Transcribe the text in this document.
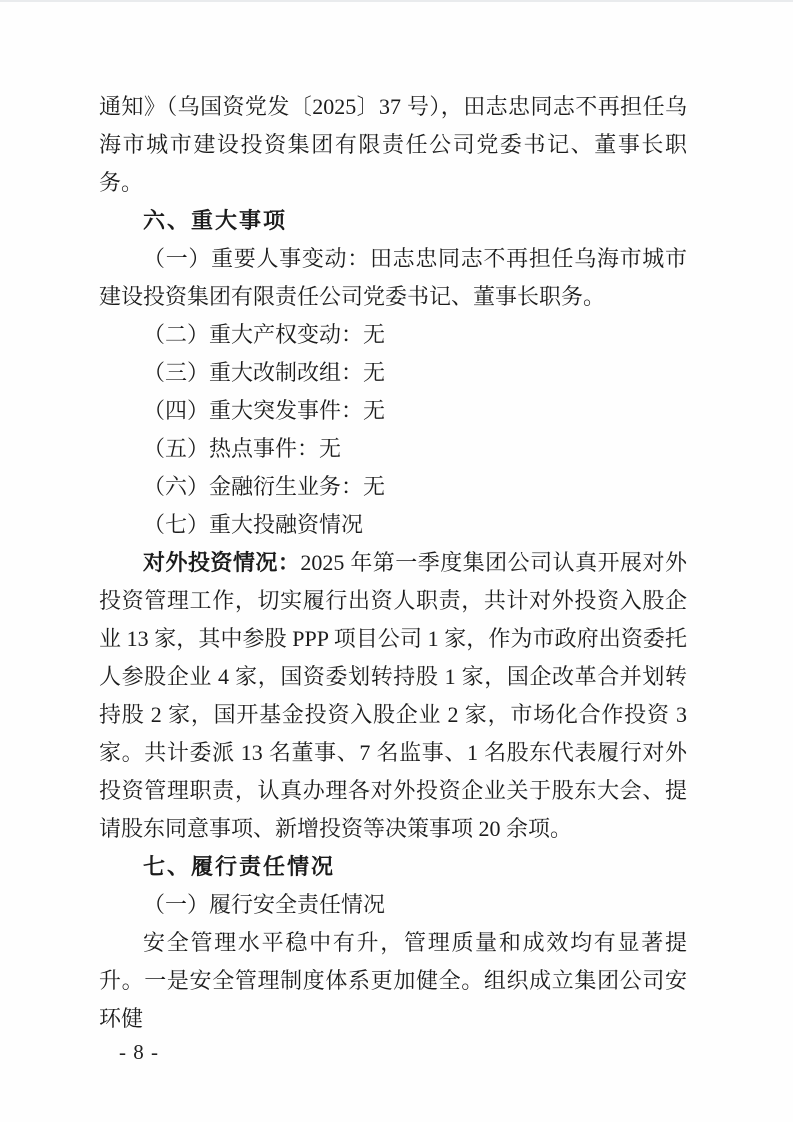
通知》（乌国资党发〔2025〕37 号），田志忠同志不再担任乌海市城市建设投资集团有限责任公司党委书记、董事长职务。

六、重大事项

（一）重要人事变动：田志忠同志不再担任乌海市城市建设投资集团有限责任公司党委书记、董事长职务。

（二）重大产权变动：无

（三）重大改制改组：无

（四）重大突发事件：无

（五）热点事件：无

（六）金融衍生业务：无

（七）重大投融资情况

对外投资情况：2025 年第一季度集团公司认真开展对外投资管理工作，切实履行出资人职责，共计对外投资入股企业 13 家，其中参股 PPP 项目公司 1 家，作为市政府出资委托人参股企业 4 家，国资委划转持股 1 家，国企改革合并划转持股 2 家，国开基金投资入股企业 2 家，市场化合作投资 3 家。共计委派 13 名董事、7 名监事、1 名股东代表履行对外投资管理职责，认真办理各对外投资企业关于股东大会、提请股东同意事项、新增投资等决策事项 20 余项。

七、履行责任情况

（一）履行安全责任情况

安全管理水平稳中有升，管理质量和成效均有显著提升。一是安全管理制度体系更加健全。组织成立集团公司安环健

- 8 -
